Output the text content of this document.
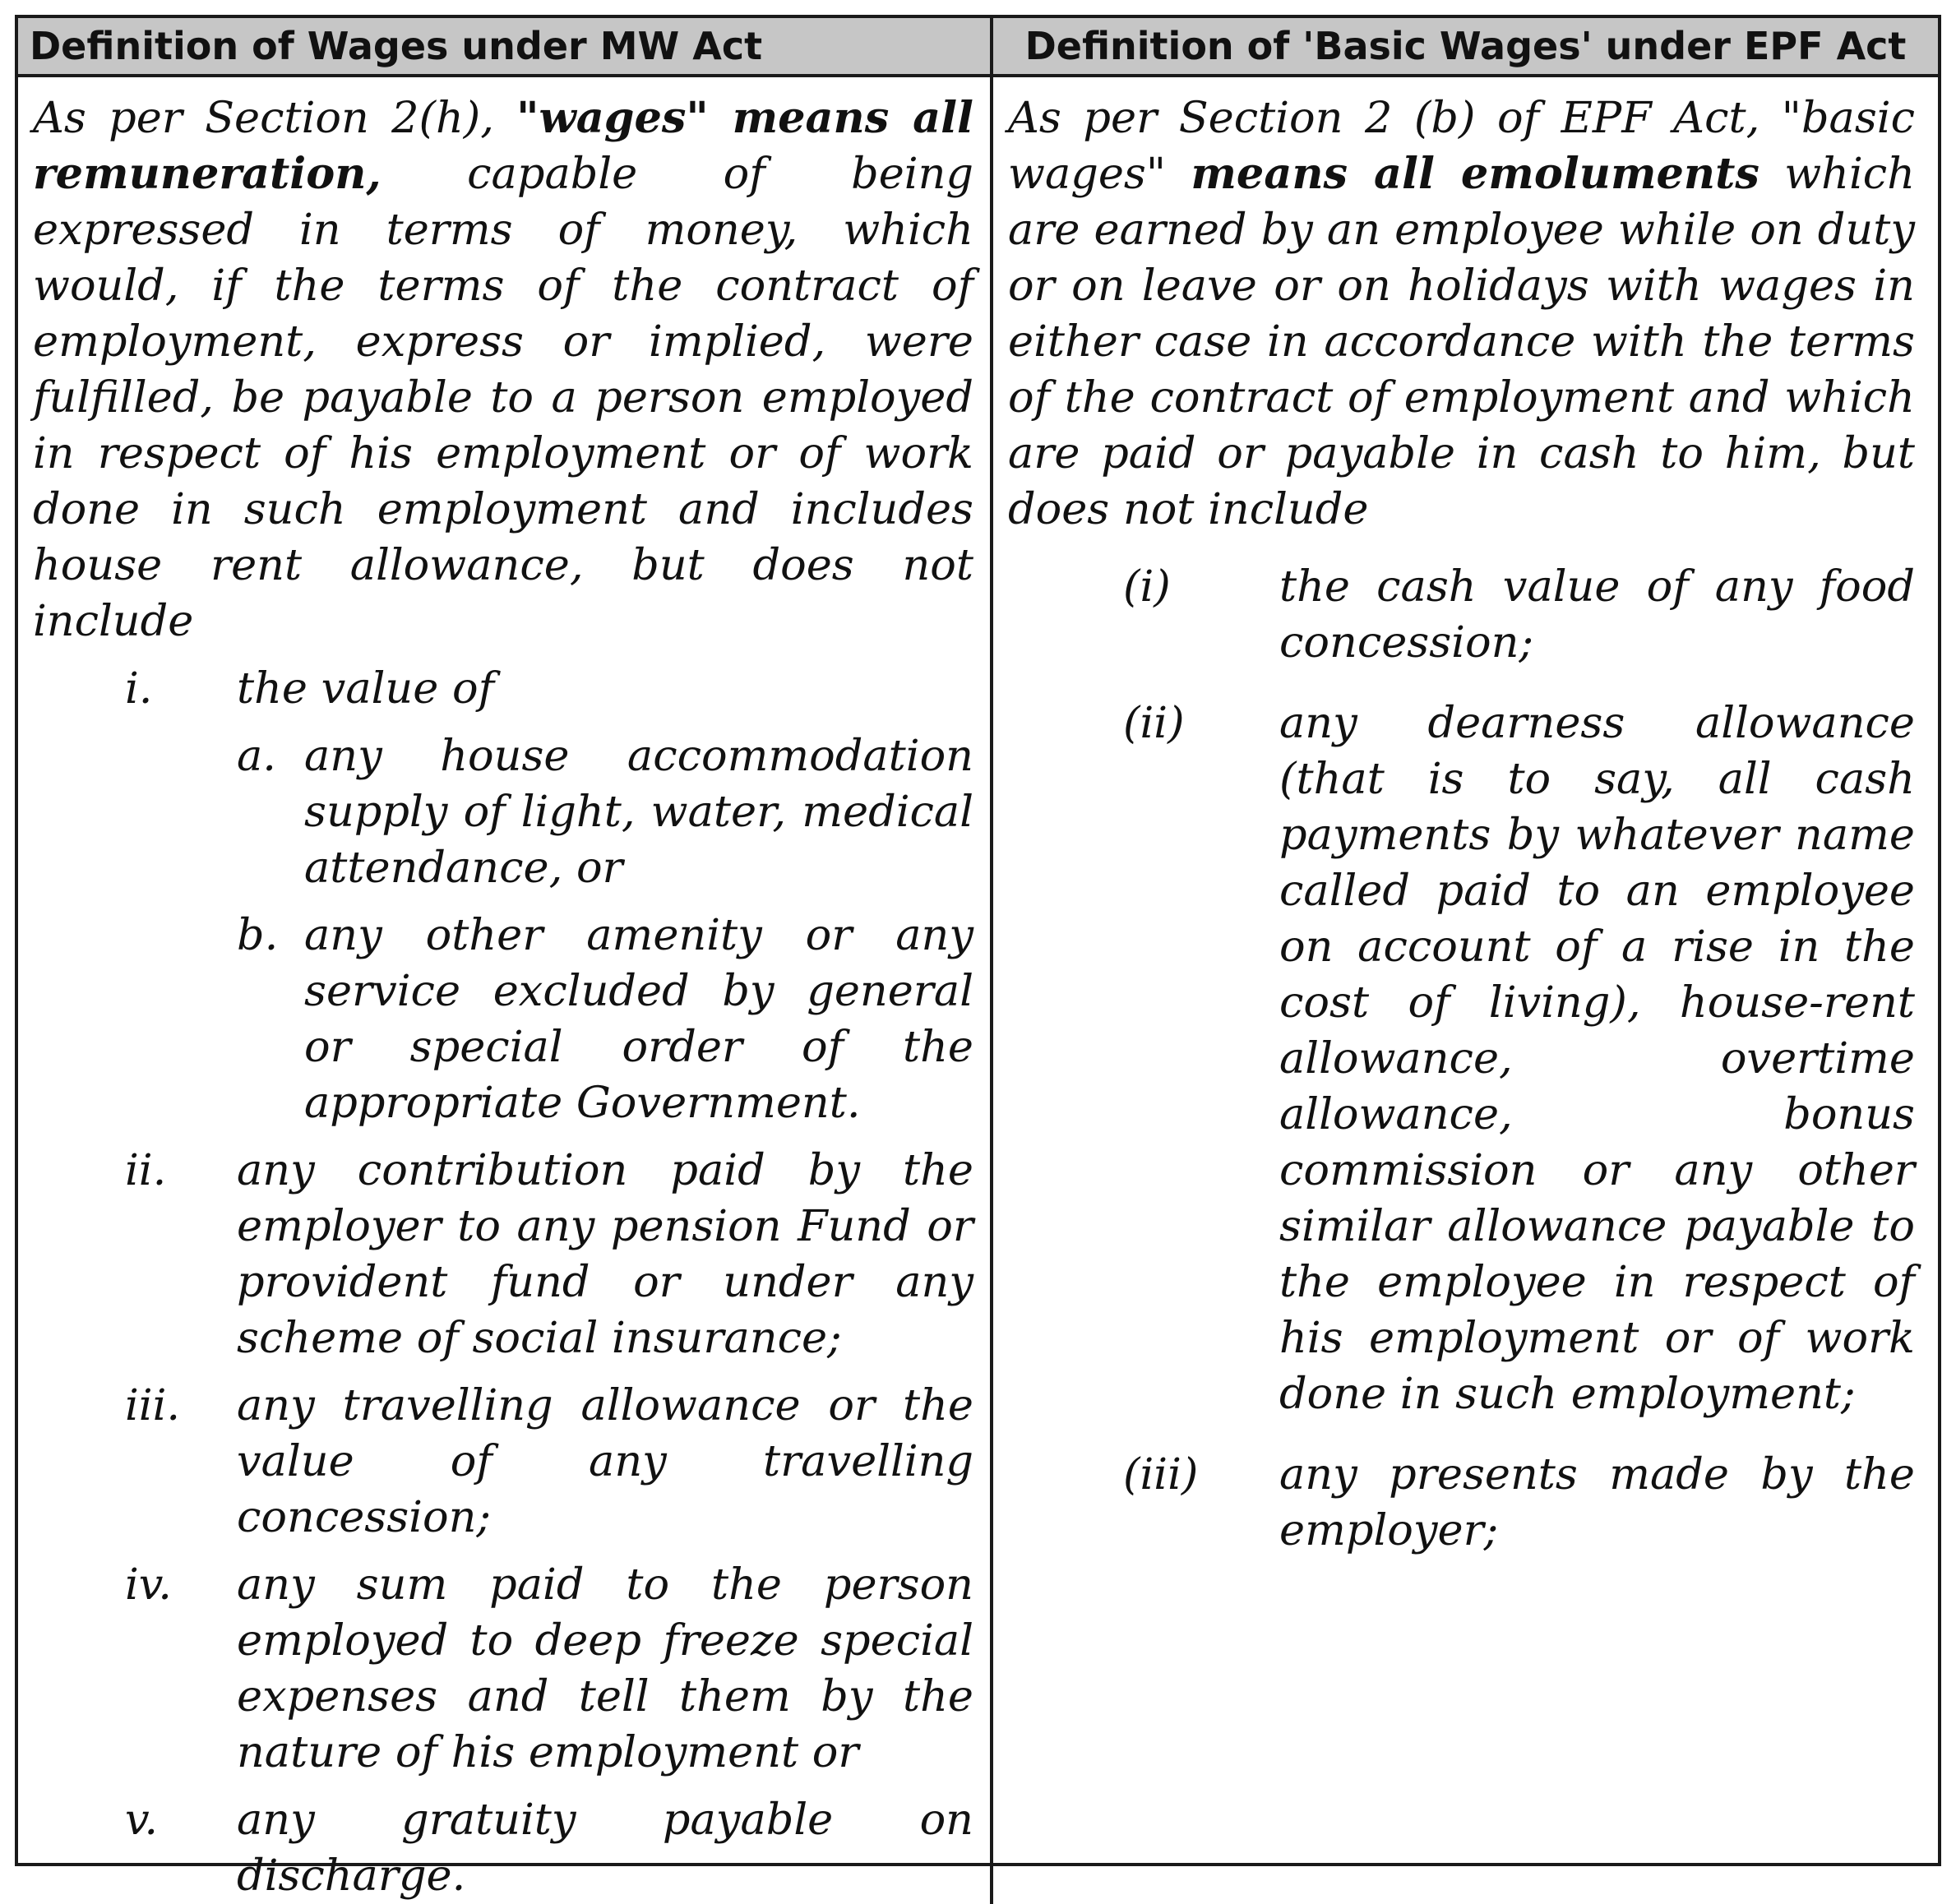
Definition of Wages under MW Act	Definition of 'Basic Wages' under EPF Act

As per Section 2(h), "wages" means all remuneration, capable of being expressed in terms of money, which would, if the terms of the contract of employment, express or implied, were fulfilled, be payable to a person employed in respect of his employment or of work done in such employment and includes house rent allowance, but does not include

i.	the value of
a. any house accommodation supply of light, water, medical attendance, or
b. any other amenity or any service excluded by general or special order of the appropriate Government.
ii.	any contribution paid by the employer to any pension Fund or provident fund or under any scheme of social insurance;
iii.	any travelling allowance or the value of any travelling concession;
iv.	any sum paid to the person employed to deep freeze special expenses and tell them by the nature of his employment or
v.	any gratuity payable on discharge.

As per Section 2 (b) of EPF Act, "basic wages" means all emoluments which are earned by an employee while on duty or on leave or on holidays with wages in either case in accordance with the terms of the contract of employment and which are paid or payable in cash to him, but does not include

(i)	the cash value of any food concession;
(ii)	any dearness allowance (that is to say, all cash payments by whatever name called paid to an employee on account of a rise in the cost of living), house-rent allowance, overtime allowance, bonus commission or any other similar allowance payable to the employee in respect of his employment or of work done in such employment;
(iii)	any presents made by the employer;
